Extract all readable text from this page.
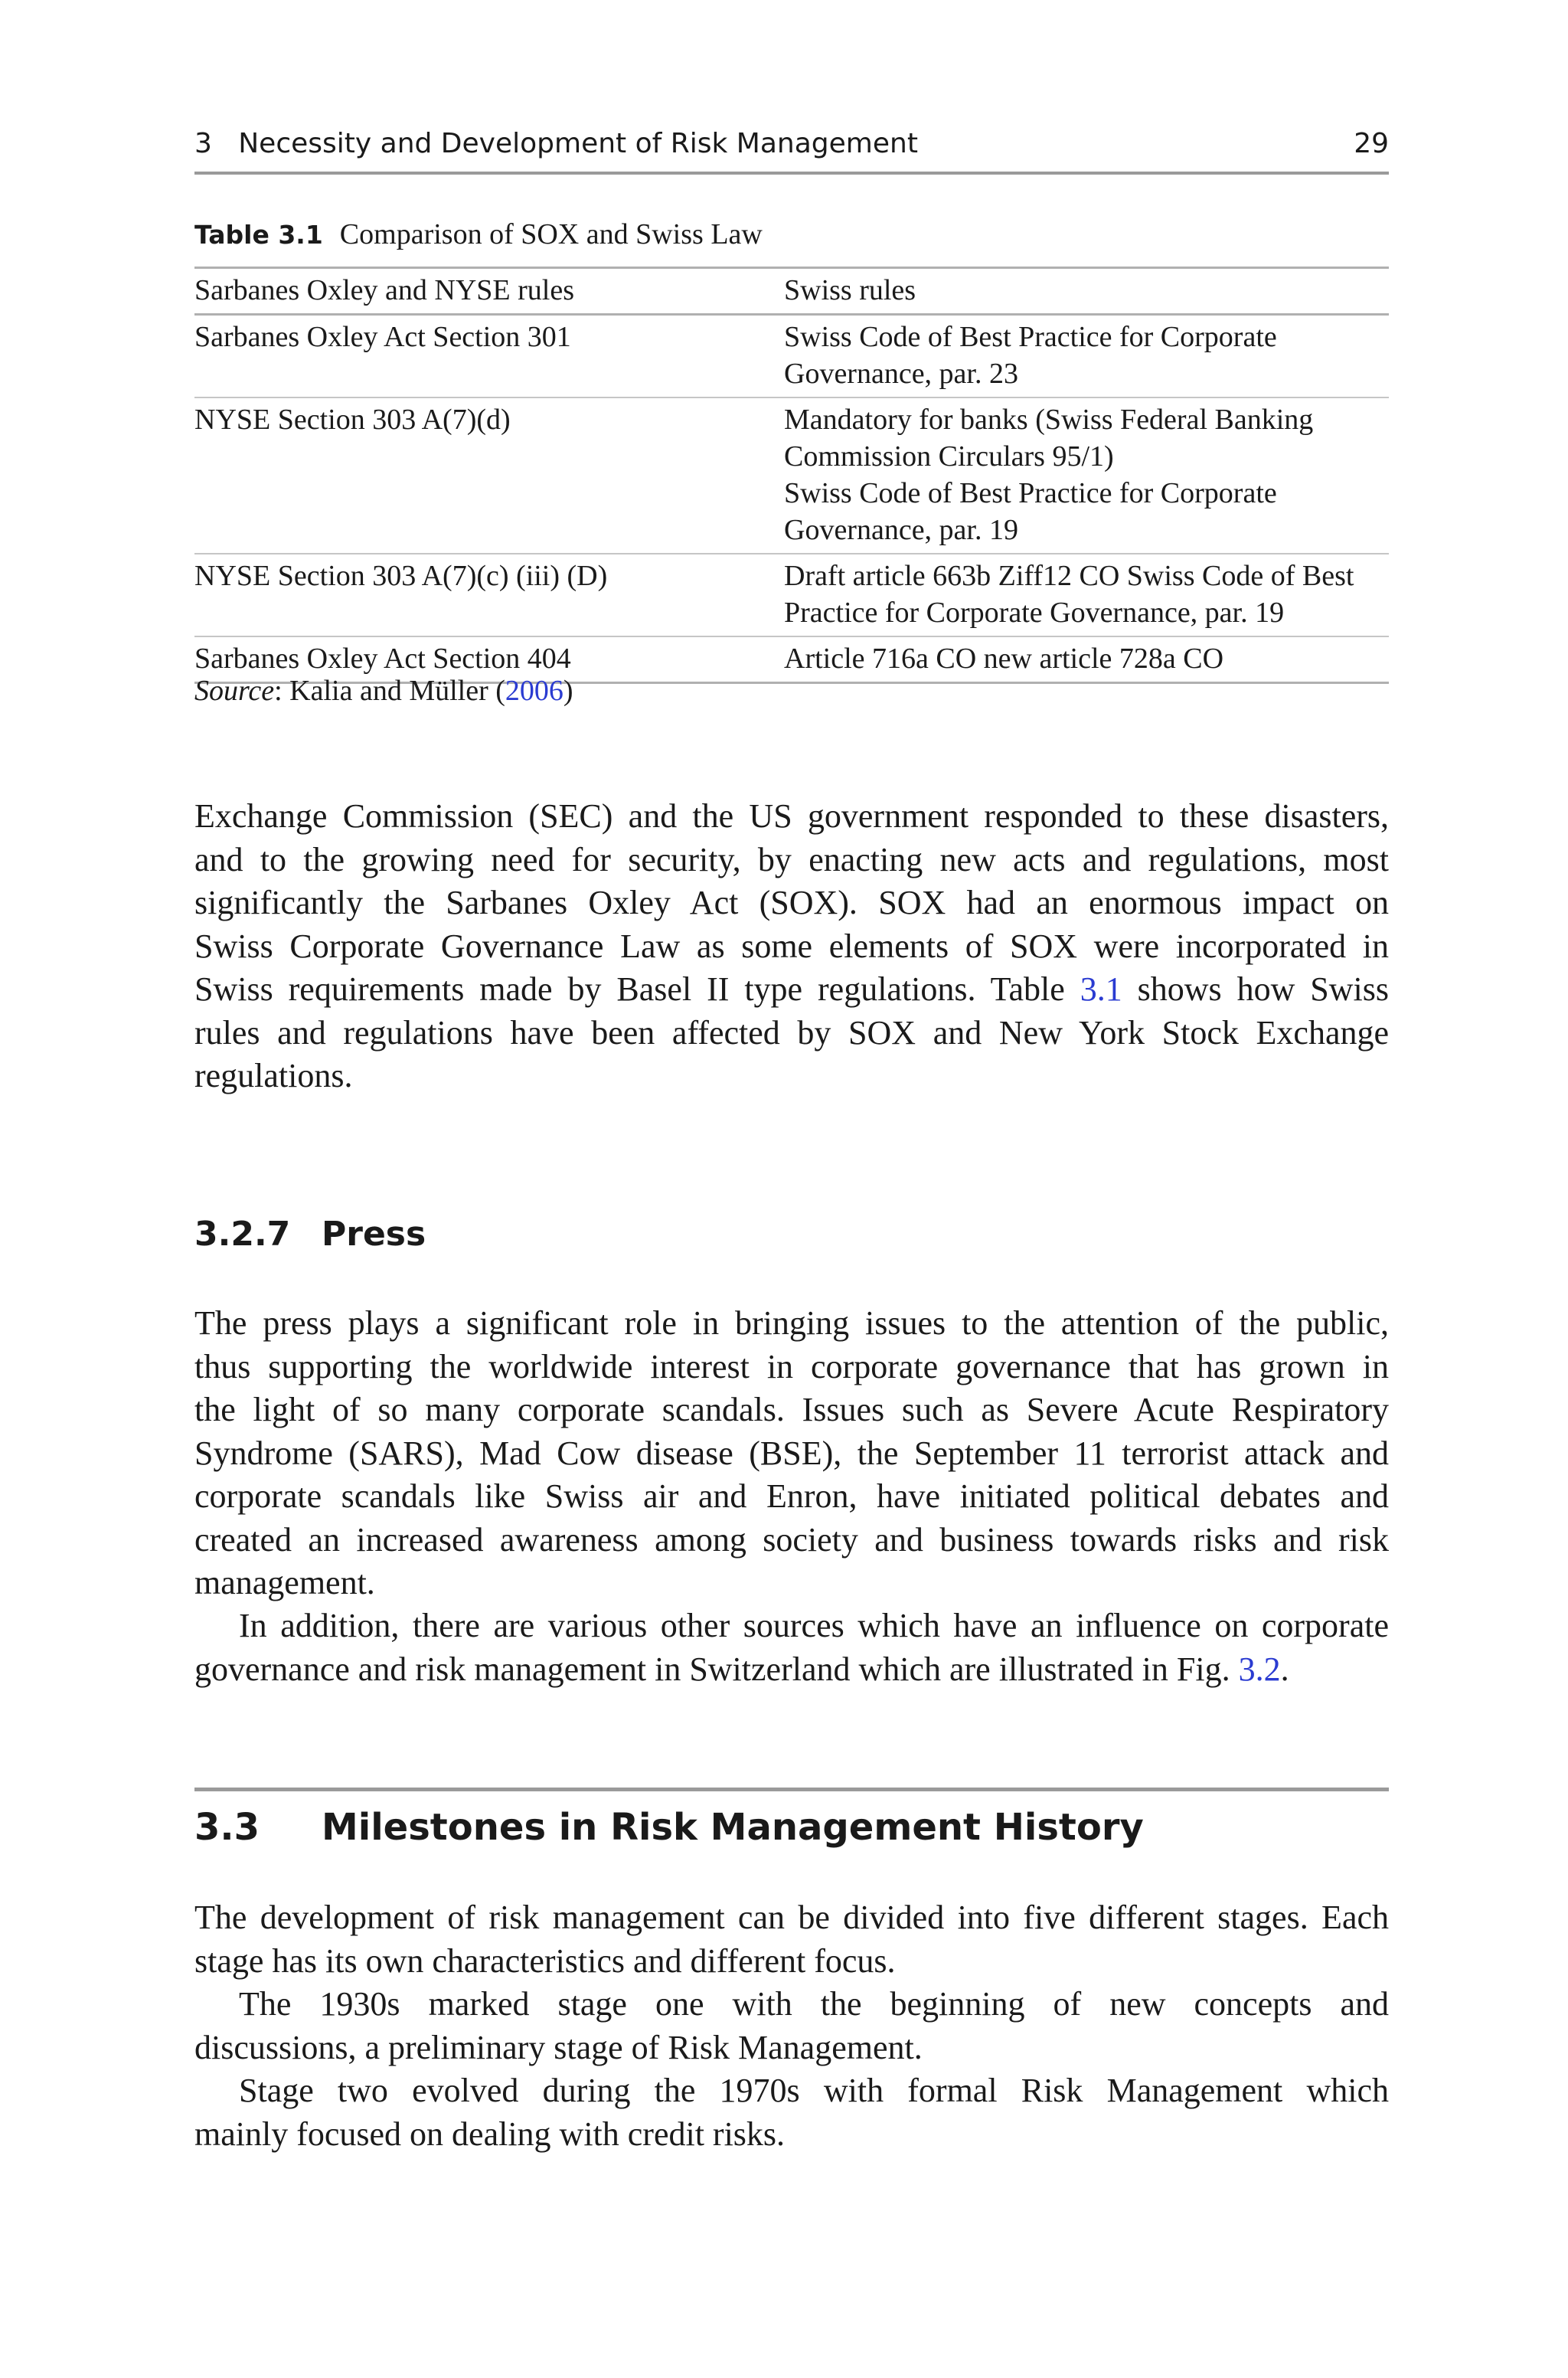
3   Necessity and Development of Risk Management	29
Table 3.1 Comparison of SOX and Swiss Law
Sarbanes Oxley and NYSE rules	Swiss rules

Sarbanes Oxley Act Section 301	Swiss Code of Best Practice for Corporate
Governance, par. 23

NYSE Section 303 A(7)(d)	Mandatory for banks (Swiss Federal Banking
Commission Circulars 95/1)
Swiss Code of Best Practice for Corporate
Governance, par. 19

NYSE Section 303 A(7)(c) (iii) (D)	Draft article 663b Ziff12 CO Swiss Code of Best
Practice for Corporate Governance, par. 19

Sarbanes Oxley Act Section 404	Article 716a CO new article 728a CO
Source: Kalia and Müller (2006)
Exchange Commission (SEC) and the US government responded to these disasters,
and to the growing need for security, by enacting new acts and regulations, most
significantly the Sarbanes Oxley Act (SOX). SOX had an enormous impact on
Swiss Corporate Governance Law as some elements of SOX were incorporated in
Swiss requirements made by Basel II type regulations. Table 3.1 shows how Swiss
rules and regulations have been affected by SOX and New York Stock Exchange
regulations.
3.2.7 Press
The press plays a significant role in bringing issues to the attention of the public,
thus supporting the worldwide interest in corporate governance that has grown in
the light of so many corporate scandals. Issues such as Severe Acute Respiratory
Syndrome (SARS), Mad Cow disease (BSE), the September 11 terrorist attack and
corporate scandals like Swiss air and Enron, have initiated political debates and
created an increased awareness among society and business towards risks and risk
management.
In addition, there are various other sources which have an influence on corporate
governance and risk management in Switzerland which are illustrated in Fig. 3.2.
3.3 Milestones in Risk Management History
The development of risk management can be divided into five different stages. Each
stage has its own characteristics and different focus.
The 1930s marked stage one with the beginning of new concepts and
discussions, a preliminary stage of Risk Management.
Stage two evolved during the 1970s with formal Risk Management which
mainly focused on dealing with credit risks.
